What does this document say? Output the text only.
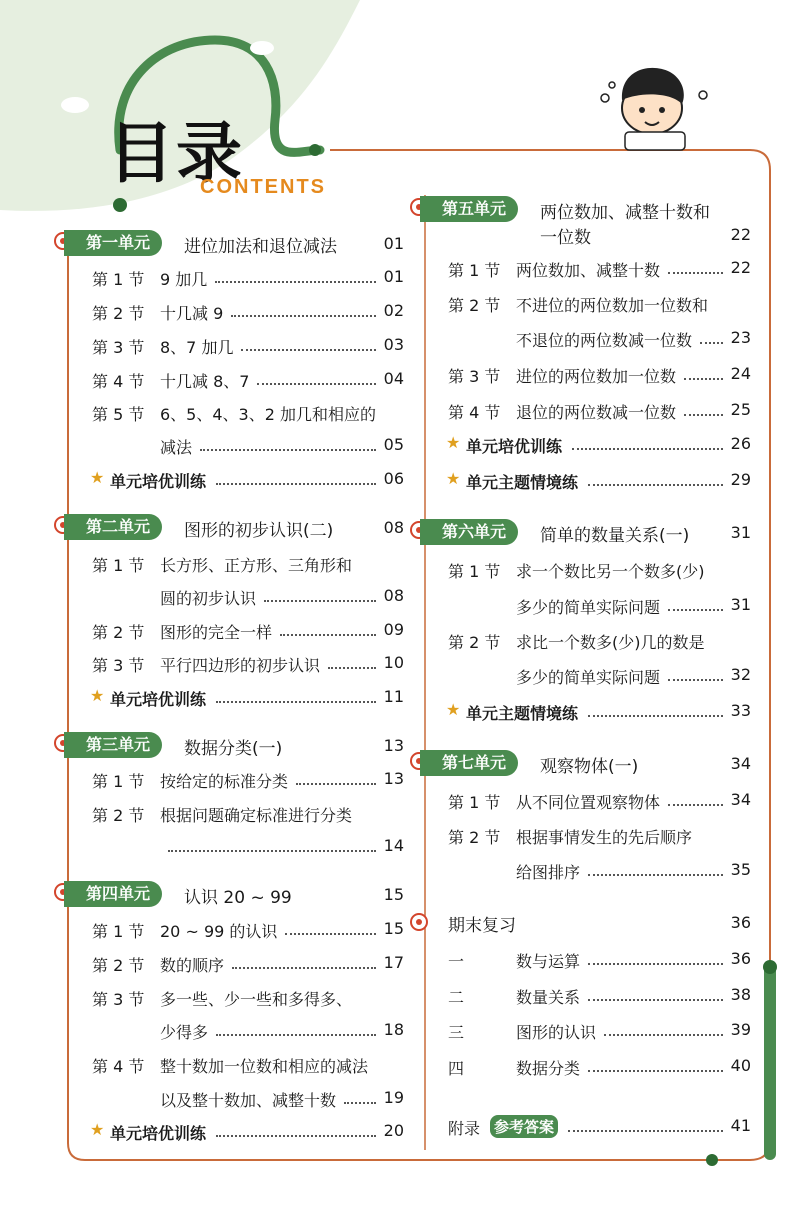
目录
CONTENTS
第一单元	进位加法和退位减法	01
第 1 节 9 加几	01
第 2 节 十几减 9	02
第 3 节 8、7 加几	03
第 4 节 十几减 8、7	04
第 5 节 6、5、4、3、2 加几和相应的
减法	05
★ 单元培优训练	06
第二单元	图形的初步认识(二)	08
第 1 节 长方形、正方形、三角形和
圆的初步认识	08
第 2 节 图形的完全一样	09
第 3 节 平行四边形的初步认识	10
★ 单元培优训练	11
第三单元	数据分类(一)	13
第 1 节 按给定的标准分类	13
第 2 节 根据问题确定标准进行分类
14
第四单元	认识 20 ~ 99	15
第 1 节 20 ~ 99 的认识	15
第 2 节 数的顺序	17
第 3 节 多一些、少一些和多得多、
少得多	18
第 4 节 整十数加一位数和相应的减法
以及整十数加、减整十数	19
★ 单元培优训练	20
第五单元	两位数加、减整十数和
一位数	22
第 1 节 两位数加、减整十数	22
第 2 节 不进位的两位数加一位数和
不退位的两位数减一位数	23
第 3 节 进位的两位数加一位数	24
第 4 节 退位的两位数减一位数	25
★ 单元培优训练	26
★ 单元主题情境练	29
第六单元	简单的数量关系(一)	31
第 1 节 求一个数比另一个数多(少)
多少的简单实际问题	31
第 2 节 求比一个数多(少)几的数是
多少的简单实际问题	32
★ 单元主题情境练	33
第七单元	观察物体(一)	34
第 1 节 从不同位置观察物体	34
第 2 节 根据事情发生的先后顺序
给图排序	35
期末复习	36
一	数与运算	36
二	数量关系	38
三	图形的认识	39
四	数据分类	40
附录 参考答案	41
